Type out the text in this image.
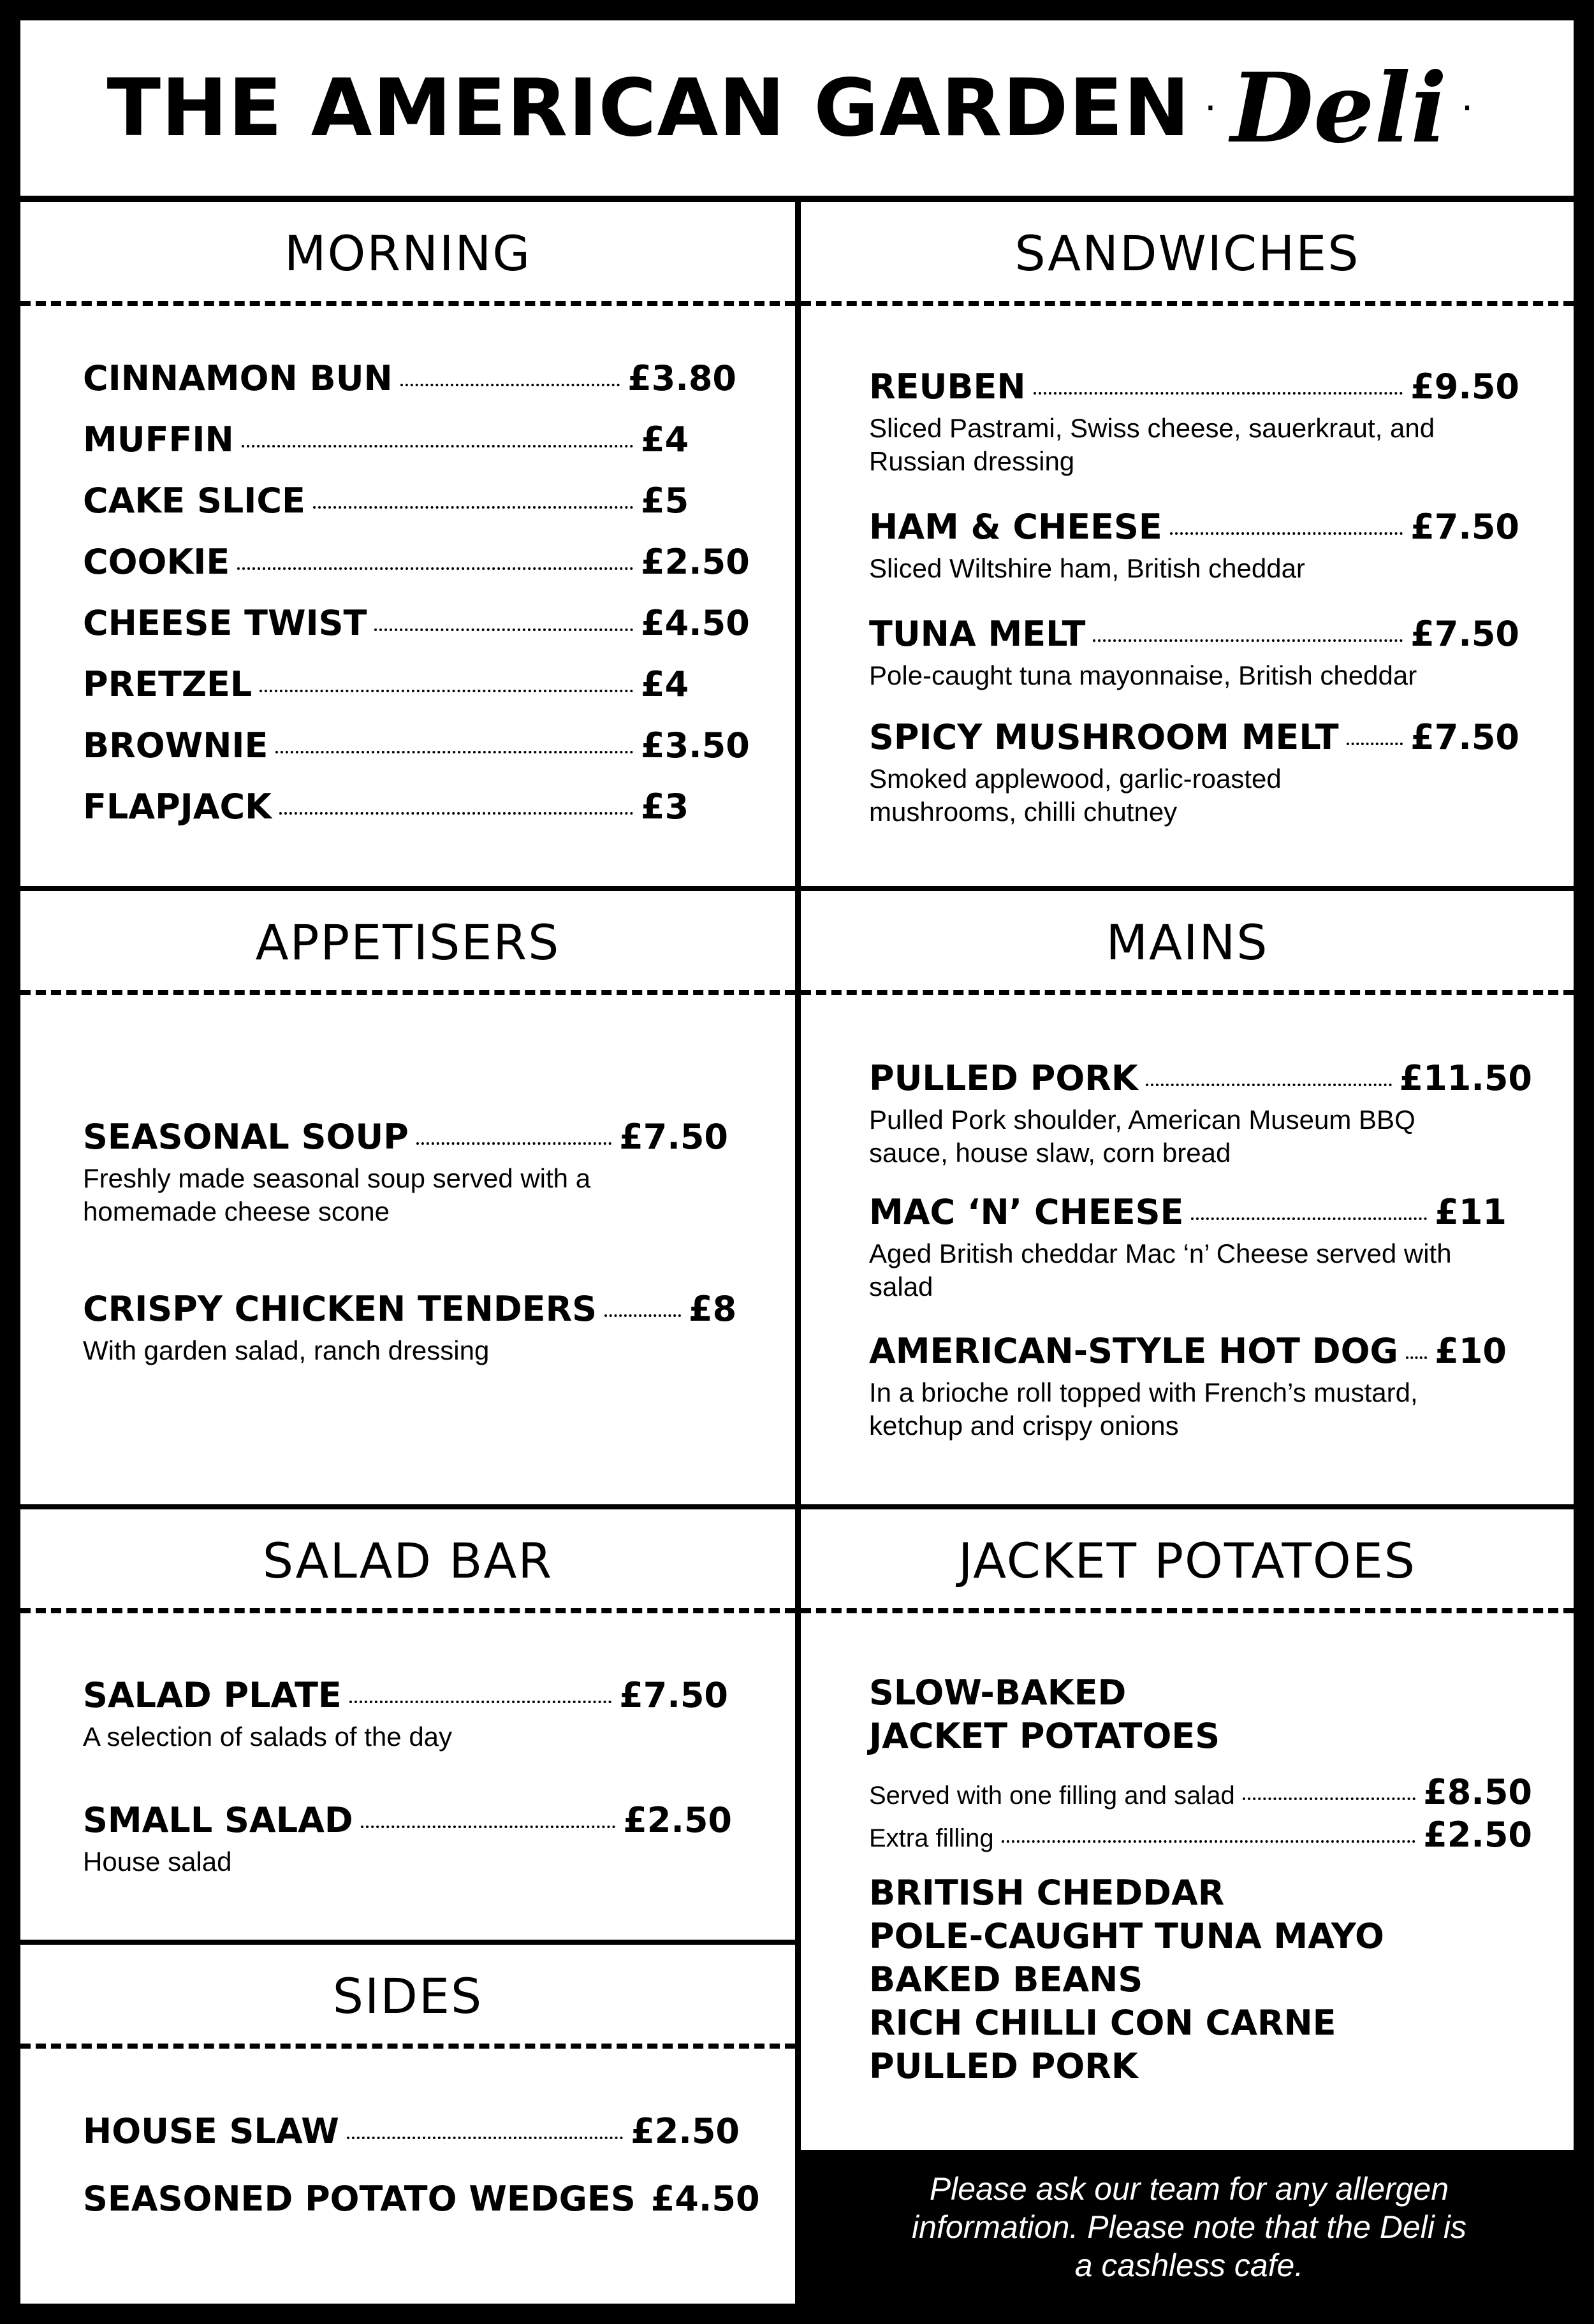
THE AMERICAN GARDEN · Deli ·
MORNING	SANDWICHES
APPETISERS	MAINS
SALAD BAR	JACKET POTATOES
SIDES
CINNAMON BUN	£3.80
MUFFIN	£4
CAKE SLICE	£5
COOKIE	£2.50
CHEESE TWIST	£4.50
PRETZEL	£4
BROWNIE	£3.50
FLAPJACK	£3
REUBEN	£9.50
Sliced Pastrami, Swiss cheese, sauerkraut, and Russian dressing
HAM & CHEESE	£7.50
Sliced Wiltshire ham, British cheddar
TUNA MELT	£7.50
Pole-caught tuna mayonnaise, British cheddar
SPICY MUSHROOM MELT £7.50
Smoked applewood, garlic-roasted mushrooms, chilli chutney
SEASONAL SOUP	£7.50
Freshly made seasonal soup served with a homemade cheese scone
CRISPY CHICKEN TENDERS	£8
With garden salad, ranch dressing
PULLED PORK	£11.50
Pulled Pork shoulder, American Museum BBQ sauce, house slaw, corn bread
MAC ‘N’ CHEESE	£11
Aged British cheddar Mac ‘n’ Cheese served with salad
AMERICAN-STYLE HOT DOG £10
In a brioche roll topped with French’s mustard, ketchup and crispy onions
SALAD PLATE	£7.50
A selection of salads of the day
SMALL SALAD	£2.50
House salad
SLOW-BAKED
JACKET POTATOES
Served with one filling and salad	£8.50
Extra filling	£2.50
BRITISH CHEDDAR
POLE-CAUGHT TUNA MAYO
BAKED BEANS
RICH CHILLI CON CARNE
PULLED PORK
HOUSE SLAW	£2.50
SEASONED POTATO WEDGES £4.50	Please ask our team for any allergen information. Please note that the Deli is a cashless cafe.
